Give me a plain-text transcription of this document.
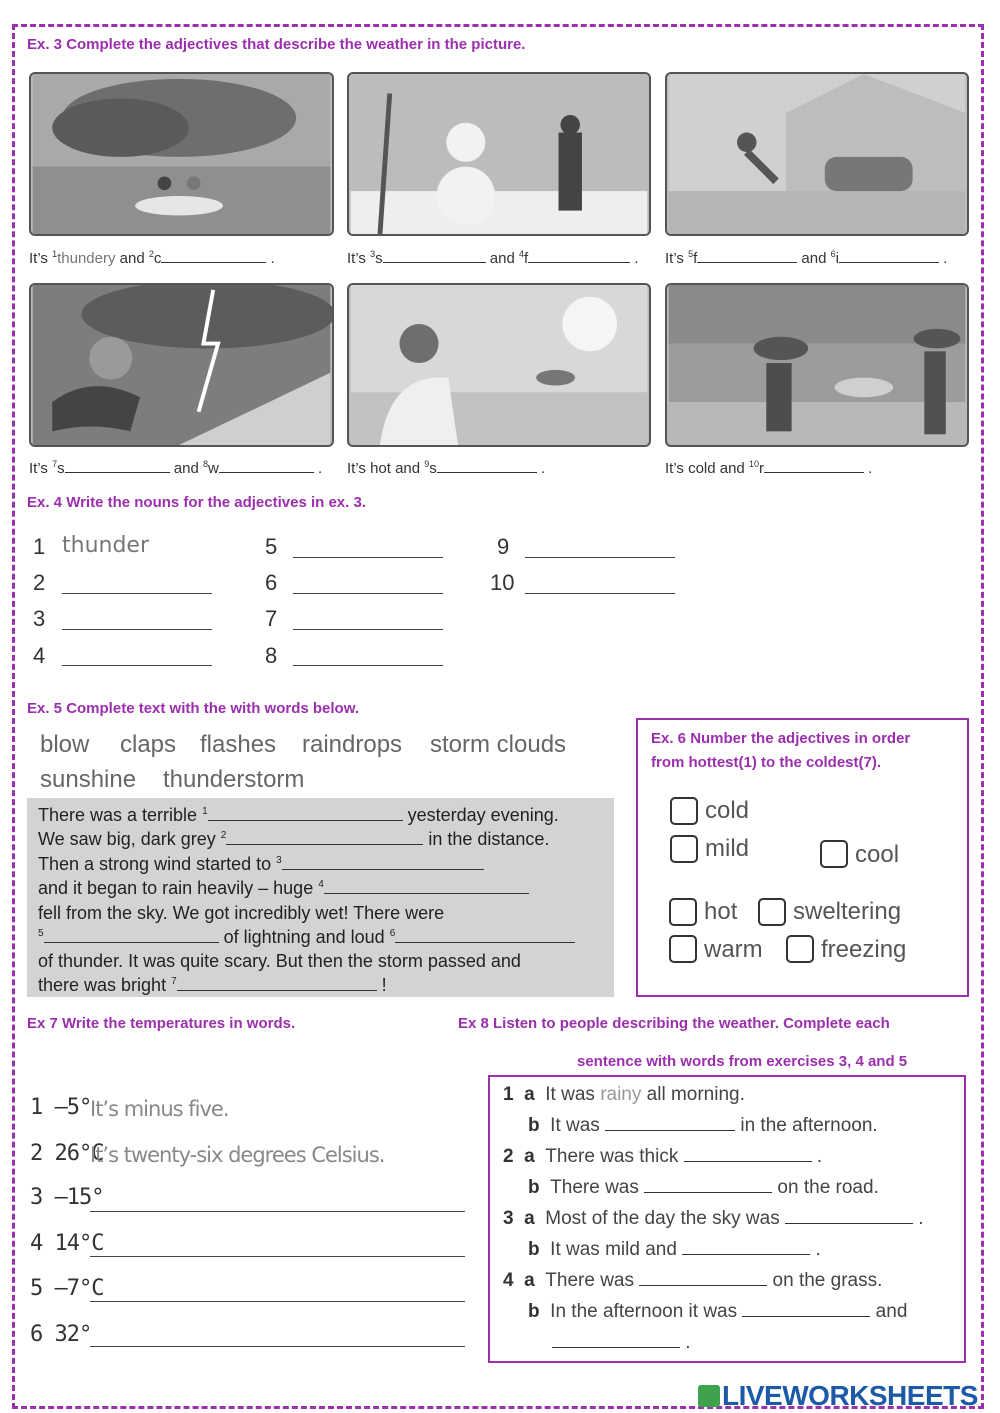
Ex. 3 Complete the adjectives that describe the weather in the picture.
It’s $^1$thundery and $^2$c	.	It’s $^3$s	and $^4$f	. It’s $^5$f	and $^6$i	.
It’s $^7$s	and $^8$w	. It’s hot and $^9$s	.	It’s cold and $^{10}$r	.
Ex. 4 Write the nouns for the adjectives in ex. 3.
1 thunder
2
3
4
5
6
7
8
9
10
Ex. 5 Complete text with the with words below.
blow claps flashes raindrops storm clouds
sunshine thunderstorm
There was a terrible $^1$	yesterday evening.
We saw big, dark grey $^2$	in the distance.
Then a strong wind started to $^3$
and it began to rain heavily – huge $^4$
fell from the sky. We got incredibly wet! There were
$^5$	of lightning and loud $^6$
of thunder. It was quite scary. But then the storm passed and
there was bright $^7$	!
Ex. 6 Number the adjectives in order
from hottest(1) to the coldest(7).
cold
mild	cool
hot sweltering
warm freezing
Ex 7 Write the temperatures in words.
1 –5°
It’s minus five.
2 26°C
It’s twenty-six degrees Celsius.
3 –15°
4 14°C
5 –7°C
6 32°
Ex 8 Listen to people describing the weather. Complete each
sentence with words from exercises 3, 4 and 5
1 a It was rainy all morning.
b It was	in the afternoon.
2 a There was thick	.
b There was	on the road.
3 a Most of the day the sky was	.
b It was mild and	.
4 a There was	on the grass.
b In the afternoon it was	and
.
LIVEWORKSHEETS
